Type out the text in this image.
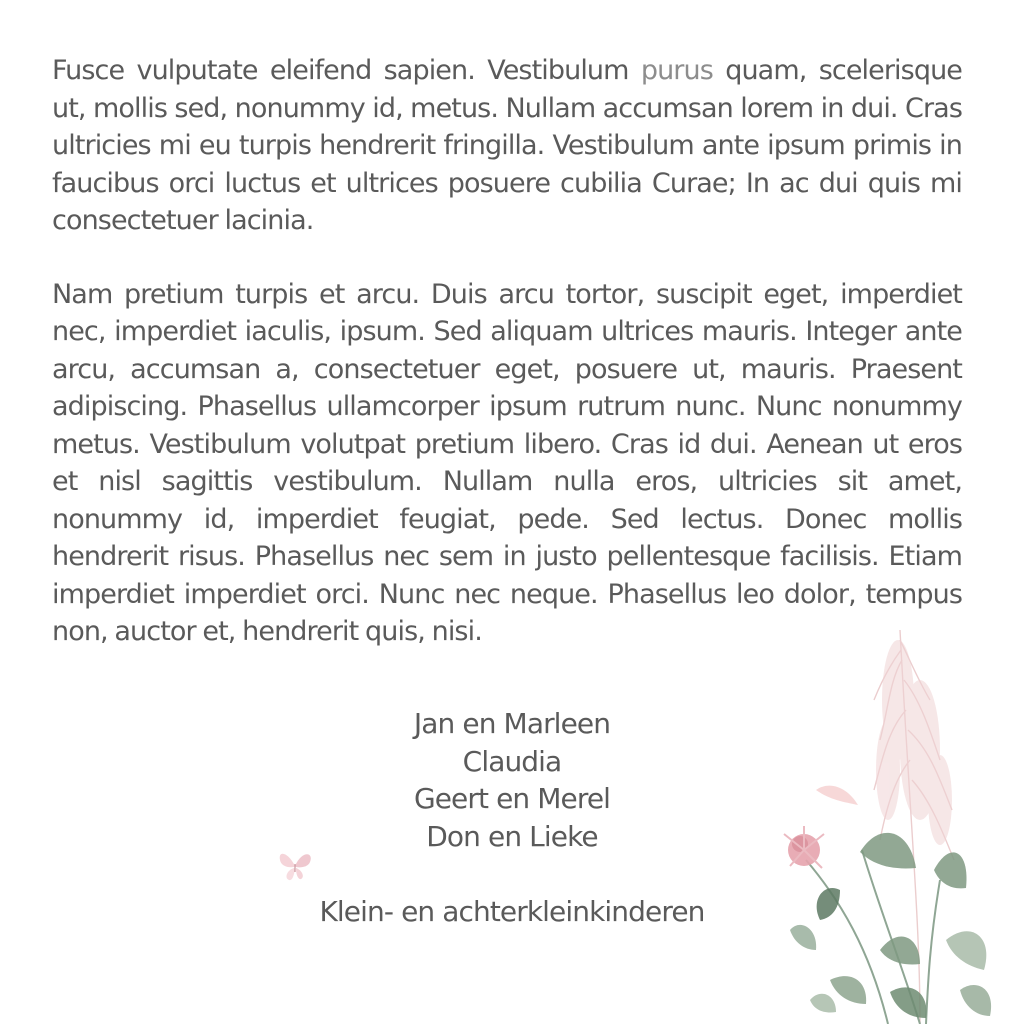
Fusce vulputate eleifend sapien. Vestibulum purus quam, scelerisque ut, mollis sed, nonummy id, metus. Nullam accumsan lorem in dui. Cras ultricies mi eu turpis hendrerit fringilla. Vestibulum ante ipsum primis in faucibus orci luctus et ultrices posuere cubilia Curae; In ac dui quis mi consectetuer lacinia.

Nam pretium turpis et arcu. Duis arcu tortor, suscipit eget, imperdiet nec, imperdiet iaculis, ipsum. Sed aliquam ultrices mauris. Integer ante arcu, accumsan a, consectetuer eget, posuere ut, mauris. Praesent adipiscing. Phasellus ullamcorper ipsum rutrum nunc. Nunc nonummy metus. Vestibulum volutpat pretium libero. Cras id dui. Aenean ut eros et nisl sagittis vestibulum. Nullam nulla eros, ultricies sit amet, nonummy id, imperdiet feugiat, pede. Sed lectus. Donec mollis hendrerit risus. Phasellus nec sem in justo pellentesque facilisis. Etiam imperdiet imperdiet orci. Nunc nec neque. Phasellus leo dolor, tempus non, auctor et, hendrerit quis, nisi.

Jan en Marleen
Claudia
Geert en Merel
Don en Lieke
Klein- en achterkleinkinderen
